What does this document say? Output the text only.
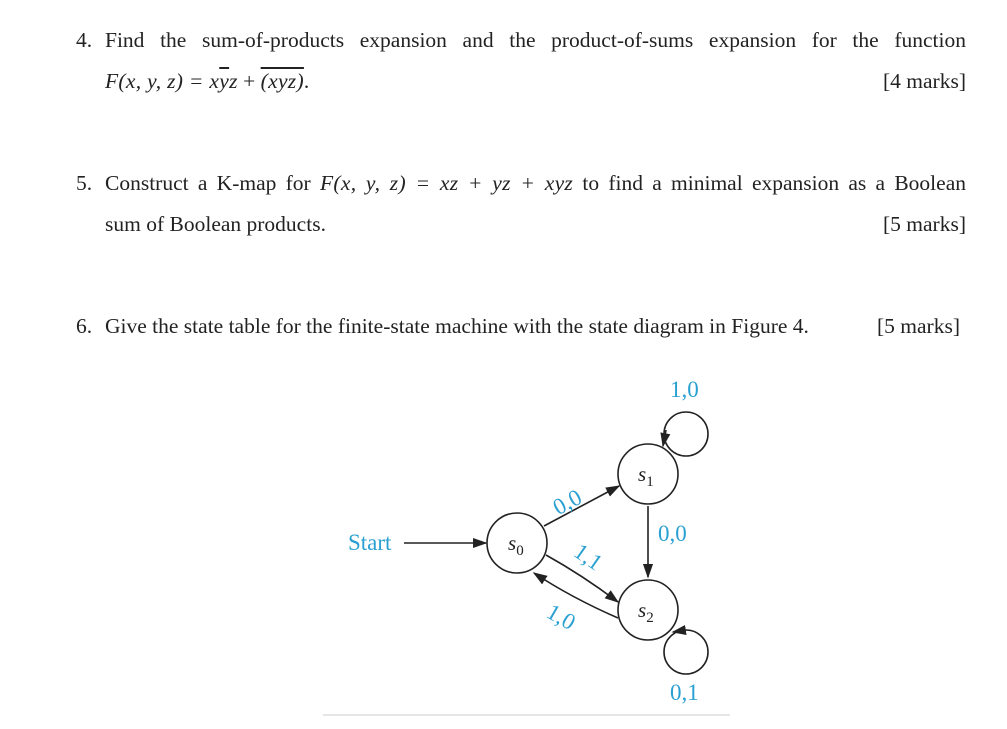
4. Find the sum-of-products expansion and the product-of-sums expansion for the function
F(x, y, $z) = x\overline{y}z + (xyz)$.	[4 marks]
5. Construct a K-map for F(x, y, z) = xz + yz + xyz to find a minimal expansion as a Boolean
sum of Boolean products.	[5 marks]
6. Give the state table for the finite-state machine with the state diagram in Figure 4.	[5 marks]
Start	$s_0$
$s_1$
$s_2$
1,0
0,0
0,0
1,1
1,0
0,1
